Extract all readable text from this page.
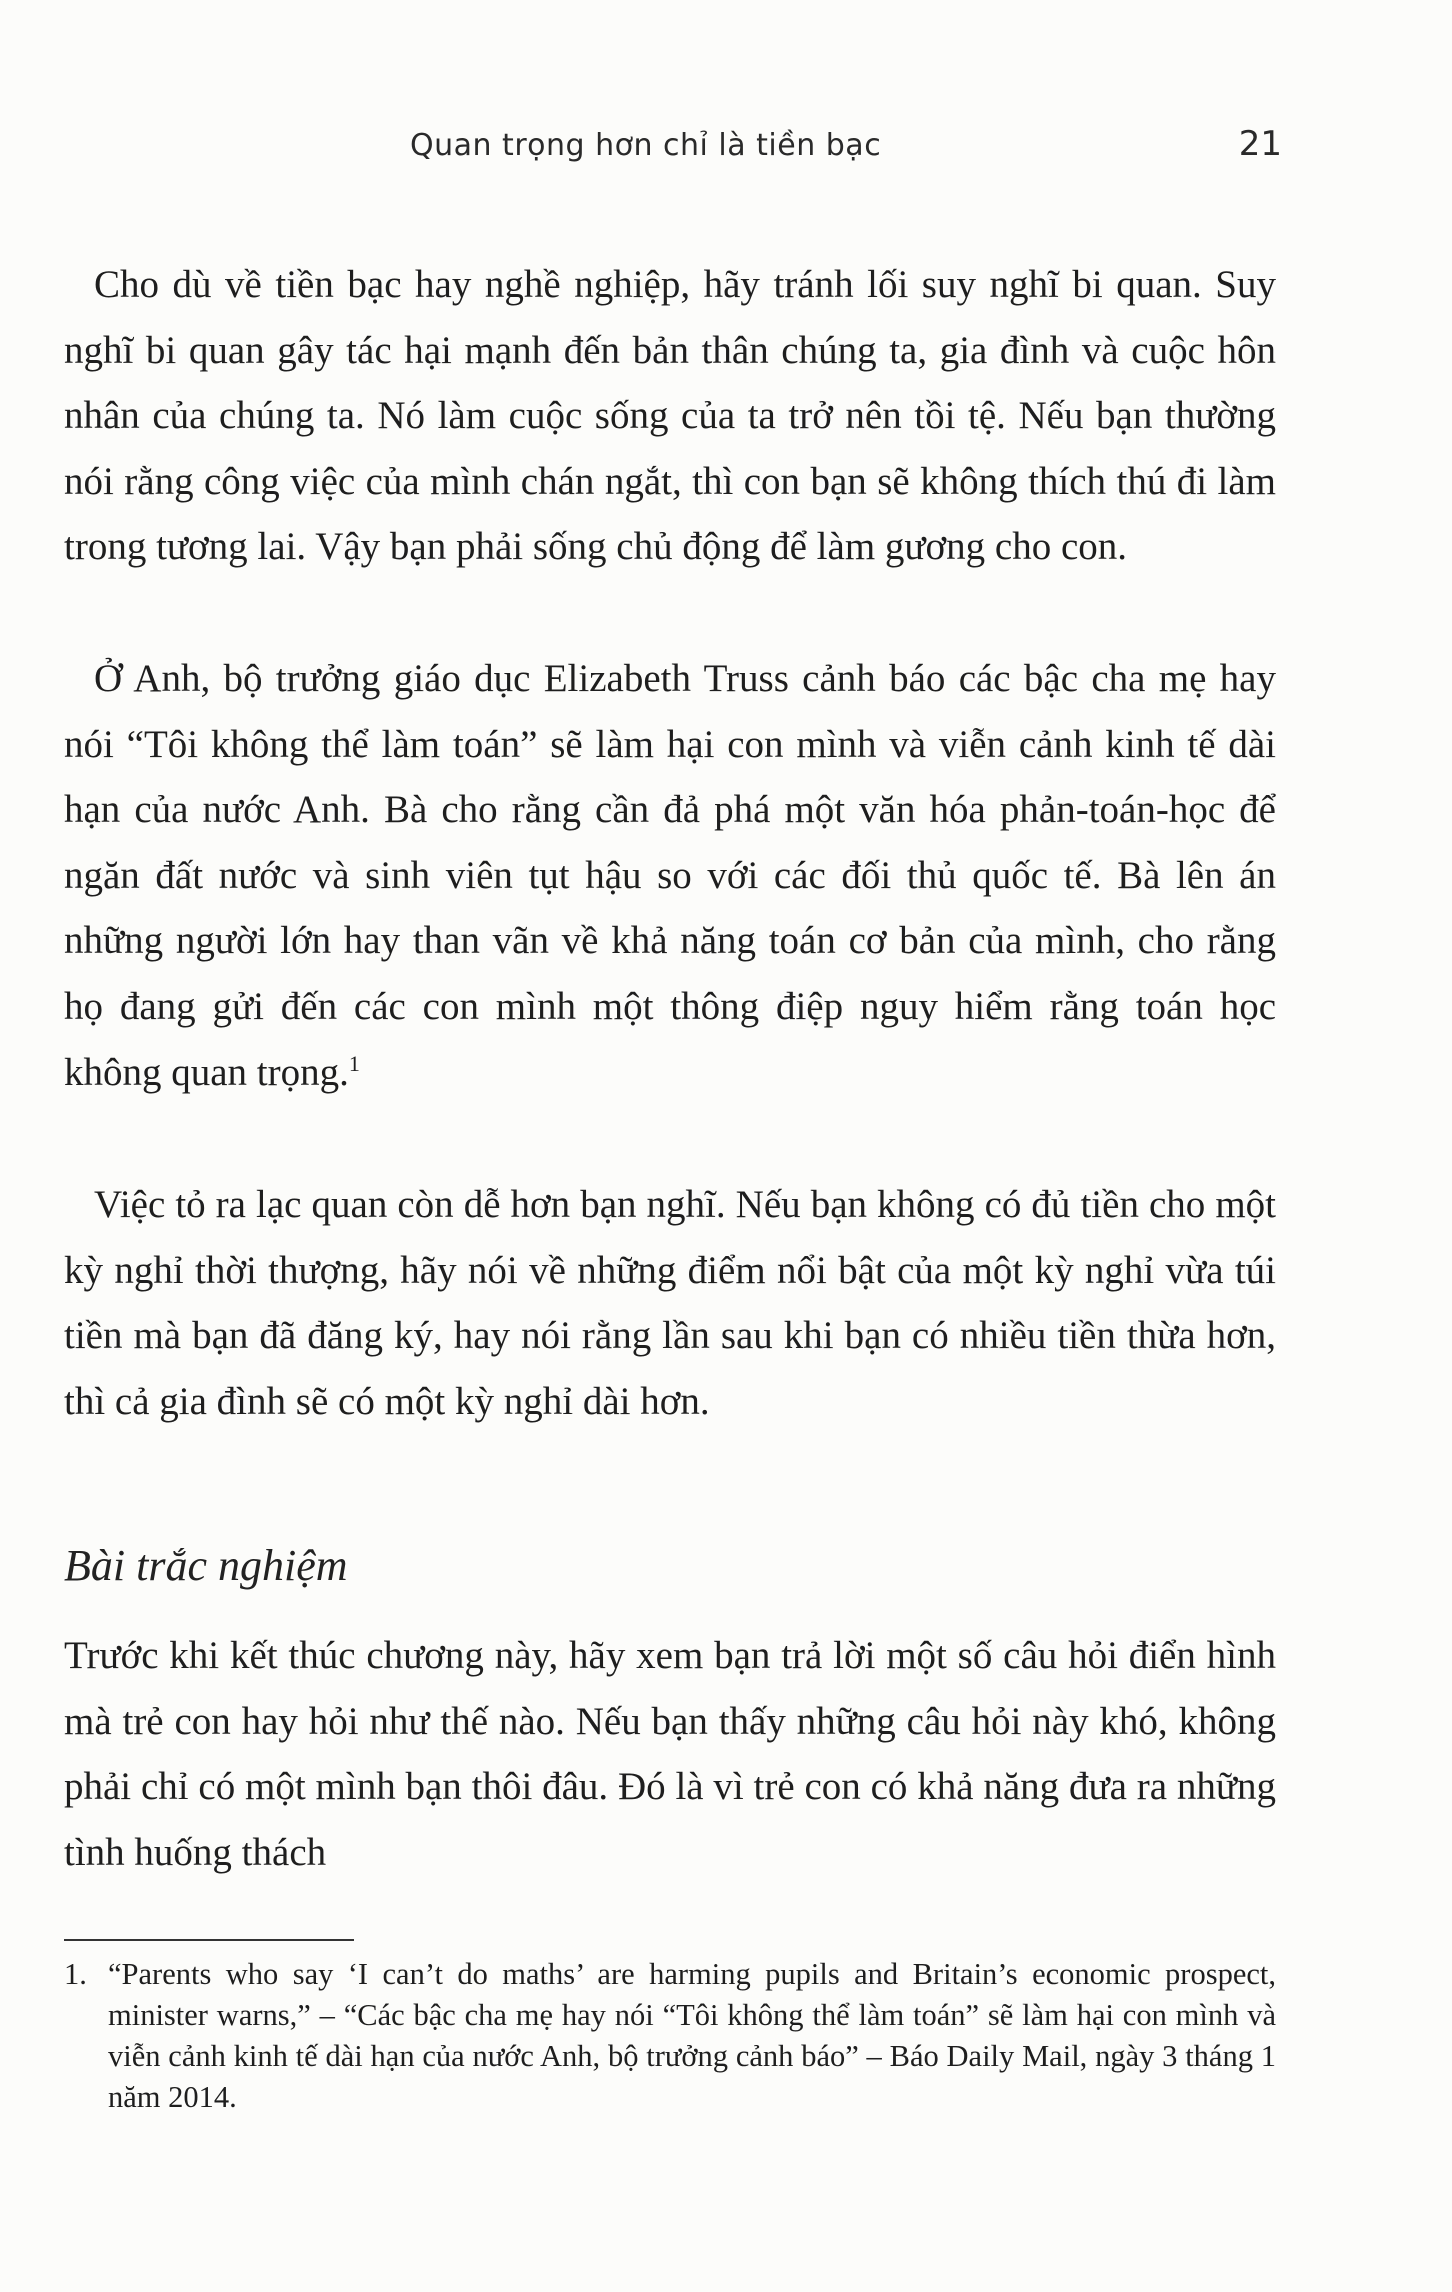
Quan trọng hơn chỉ là tiền bạc	21

Cho dù về tiền bạc hay nghề nghiệp, hãy tránh lối suy nghĩ bi quan. Suy nghĩ bi quan gây tác hại mạnh đến bản thân chúng ta, gia đình và cuộc hôn nhân của chúng ta. Nó làm cuộc sống của ta trở nên tồi tệ. Nếu bạn thường nói rằng công việc của mình chán ngắt, thì con bạn sẽ không thích thú đi làm trong tương lai. Vậy bạn phải sống chủ động để làm gương cho con.

Ở Anh, bộ trưởng giáo dục Elizabeth Truss cảnh báo các bậc cha mẹ hay nói “Tôi không thể làm toán” sẽ làm hại con mình và viễn cảnh kinh tế dài hạn của nước Anh. Bà cho rằng cần đả phá một văn hóa phản-toán-học để ngăn đất nước và sinh viên tụt hậu so với các đối thủ quốc tế. Bà lên án những người lớn hay than vãn về khả năng toán cơ bản của mình, cho rằng họ đang gửi đến các con mình một thông điệp nguy hiểm rằng toán học không quan trọng.$^1$

Việc tỏ ra lạc quan còn dễ hơn bạn nghĩ. Nếu bạn không có đủ tiền cho một kỳ nghỉ thời thượng, hãy nói về những điểm nổi bật của một kỳ nghỉ vừa túi tiền mà bạn đã đăng ký, hay nói rằng lần sau khi bạn có nhiều tiền thừa hơn, thì cả gia đình sẽ có một kỳ nghỉ dài hơn.

Bài trắc nghiệm

Trước khi kết thúc chương này, hãy xem bạn trả lời một số câu hỏi điển hình mà trẻ con hay hỏi như thế nào. Nếu bạn thấy những câu hỏi này khó, không phải chỉ có một mình bạn thôi đâu. Đó là vì trẻ con có khả năng đưa ra những tình huống thách

1. “Parents who say ‘I can’t do maths’ are harming pupils and Britain’s economic prospect, minister warns,” – “Các bậc cha mẹ hay nói “Tôi không thể làm toán” sẽ làm hại con mình và viễn cảnh kinh tế dài hạn của nước Anh, bộ trưởng cảnh báo” – Báo Daily Mail, ngày 3 tháng 1 năm 2014.
